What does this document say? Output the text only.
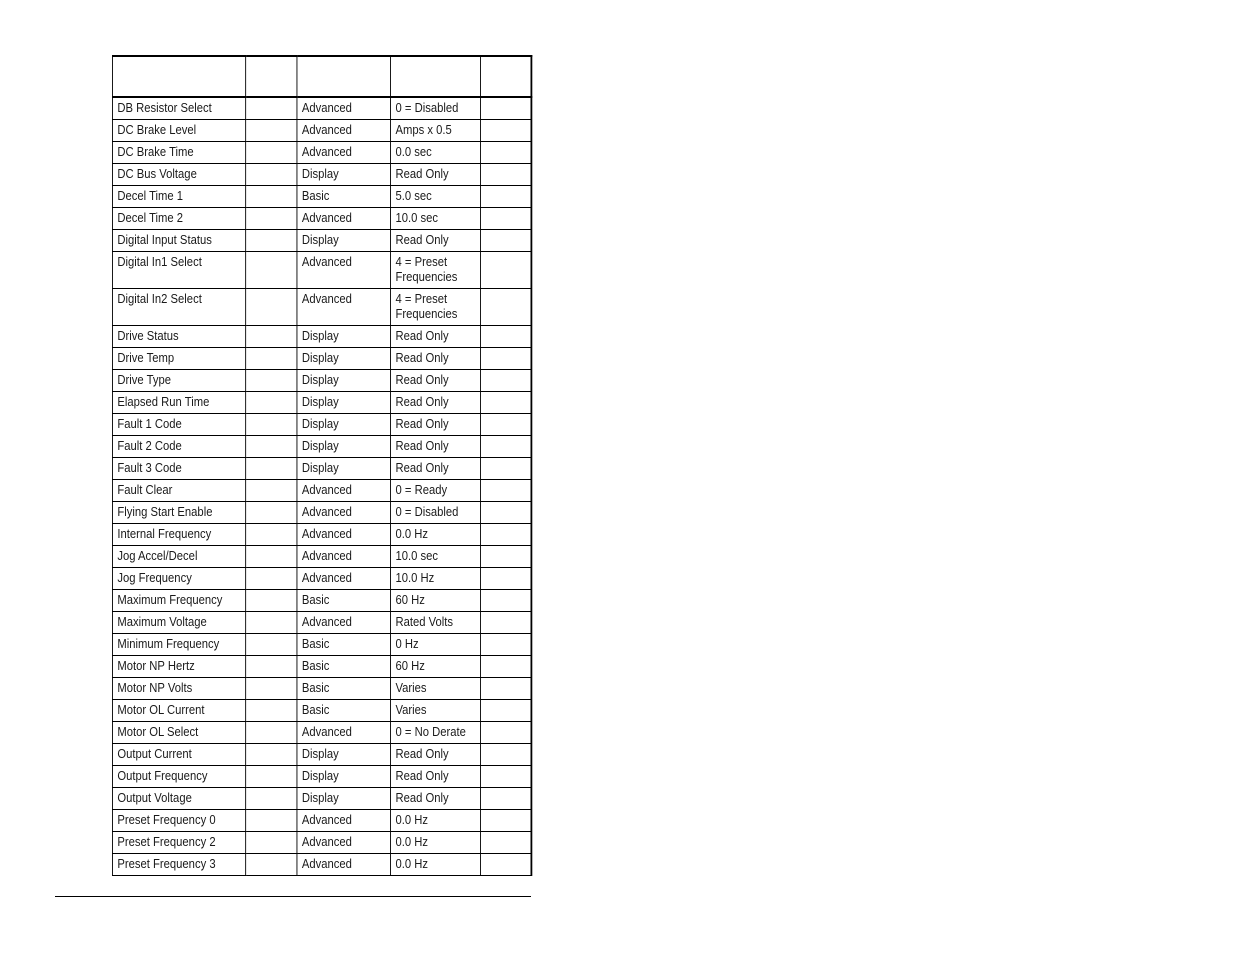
DB Resistor Select		Advanced	0 = Disabled	
DC Brake Level		Advanced	Amps x 0.5	
DC Brake Time		Advanced	0.0 sec	
DC Bus Voltage		Display	Read Only	
Decel Time 1		Basic	5.0 sec	
Decel Time 2		Advanced	10.0 sec	
Digital Input Status		Display	Read Only	
Digital In1 Select		Advanced	4 = Preset Frequencies	
Digital In2 Select		Advanced	4 = Preset Frequencies	
Drive Status		Display	Read Only	
Drive Temp		Display	Read Only	
Drive Type		Display	Read Only	
Elapsed Run Time		Display	Read Only	
Fault 1 Code		Display	Read Only	
Fault 2 Code		Display	Read Only	
Fault 3 Code		Display	Read Only	
Fault Clear		Advanced	0 = Ready	
Flying Start Enable		Advanced	0 = Disabled	
Internal Frequency		Advanced	0.0 Hz	
Jog Accel/Decel		Advanced	10.0 sec	
Jog Frequency		Advanced	10.0 Hz	
Maximum Frequency		Basic	60 Hz	
Maximum Voltage		Advanced	Rated Volts	
Minimum Frequency		Basic	0 Hz	
Motor NP Hertz		Basic	60 Hz	
Motor NP Volts		Basic	Varies	
Motor OL Current		Basic	Varies	
Motor OL Select		Advanced	0 = No Derate	
Output Current		Display	Read Only	
Output Frequency		Display	Read Only	
Output Voltage		Display	Read Only	
Preset Frequency 0		Advanced	0.0 Hz	
Preset Frequency 2		Advanced	0.0 Hz	
Preset Frequency 3		Advanced	0.0 Hz	
